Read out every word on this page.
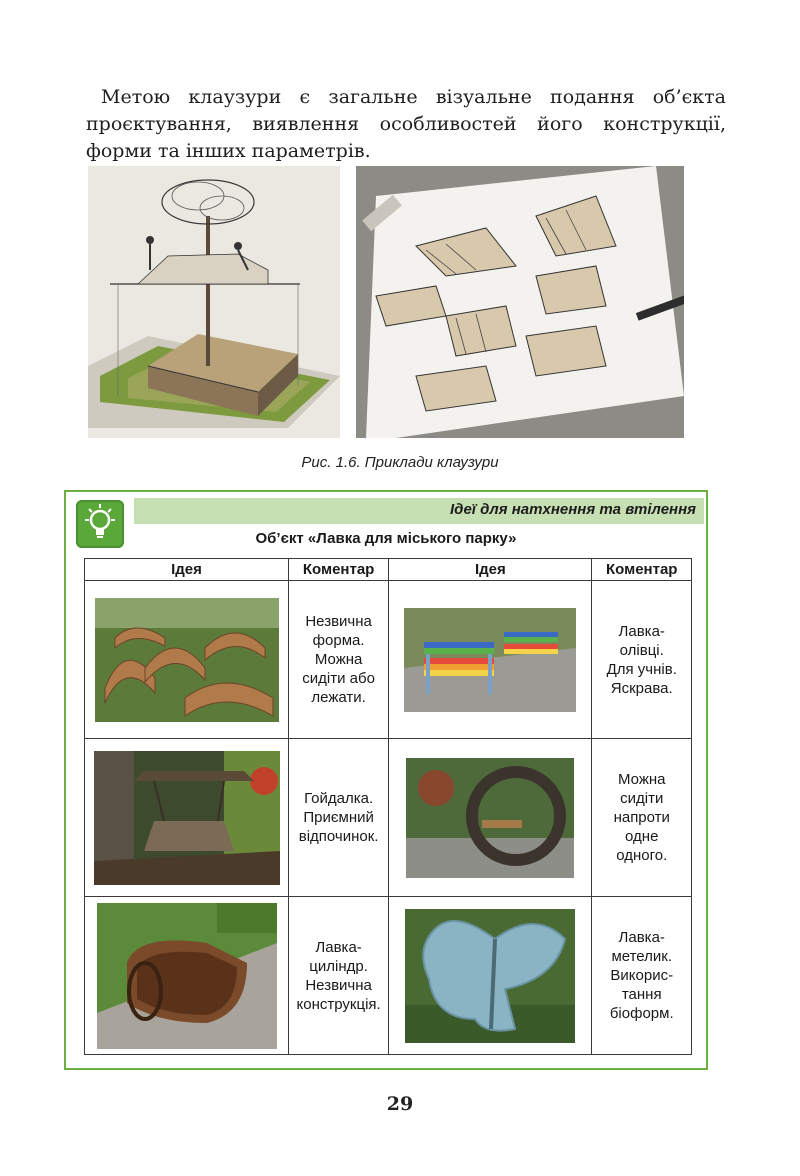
Метою клаузури є загальне візуальне подання об’єкта проєктування, виявлення особливостей його конструкції, форми та інших параметрів.

Рис. 1.6. Приклади клаузури
Ідеї для натхнення та втілення
Об’єкт «Лавка для міського парку»
Ідея	Коментар	Ідея	Коментар

	Незвична
форма.
Можна
сидіти або
лежати.		Лавка-
олівці.
Для учнів.
Яскрава.

	Гойдалка.
Приємний
відпочинок.		Можна
сидіти
напроти
одне
одного.

	Лавка-
циліндр.
Незвична
конструкція.		Лавка-
метелик.
Викорис-
тання
біоформ.
29
